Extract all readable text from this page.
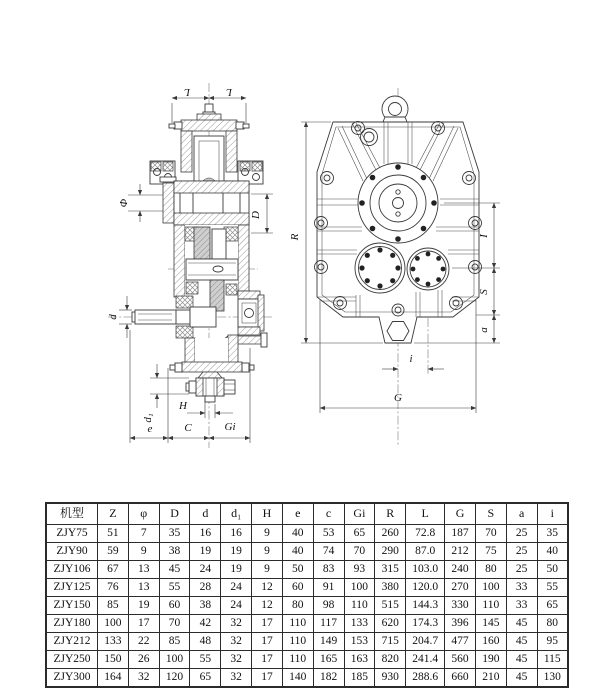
L	L
Φ
D
d
d₁
H
e	C	Gi
R	I
S
a
i
G
机型	Z	φ	D	d	d₁	H	e	c	Gi	R	L	G	S	a	i
ZJY75	51	7	35	16	16	9	40	53	65	260	72.8	187	70	25	35
ZJY90	59	9	38	19	19	9	40	74	70	290	87.0	212	75	25	40
ZJY106	67	13	45	24	19	9	50	83	93	315	103.0	240	80	25	50
ZJY125	76	13	55	28	24	12	60	91	100	380	120.0	270	100	33	55
ZJY150	85	19	60	38	24	12	80	98	110	515	144.3	330	110	33	65
ZJY180	100	17	70	42	32	17	110	117	133	620	174.3	396	145	45	80
ZJY212	133	22	85	48	32	17	110	149	153	715	204.7	477	160	45	95
ZJY250	150	26	100	55	32	17	110	165	163	820	241.4	560	190	45	115
ZJY300	164	32	120	65	32	17	140	182	185	930	288.6	660	210	45	130
